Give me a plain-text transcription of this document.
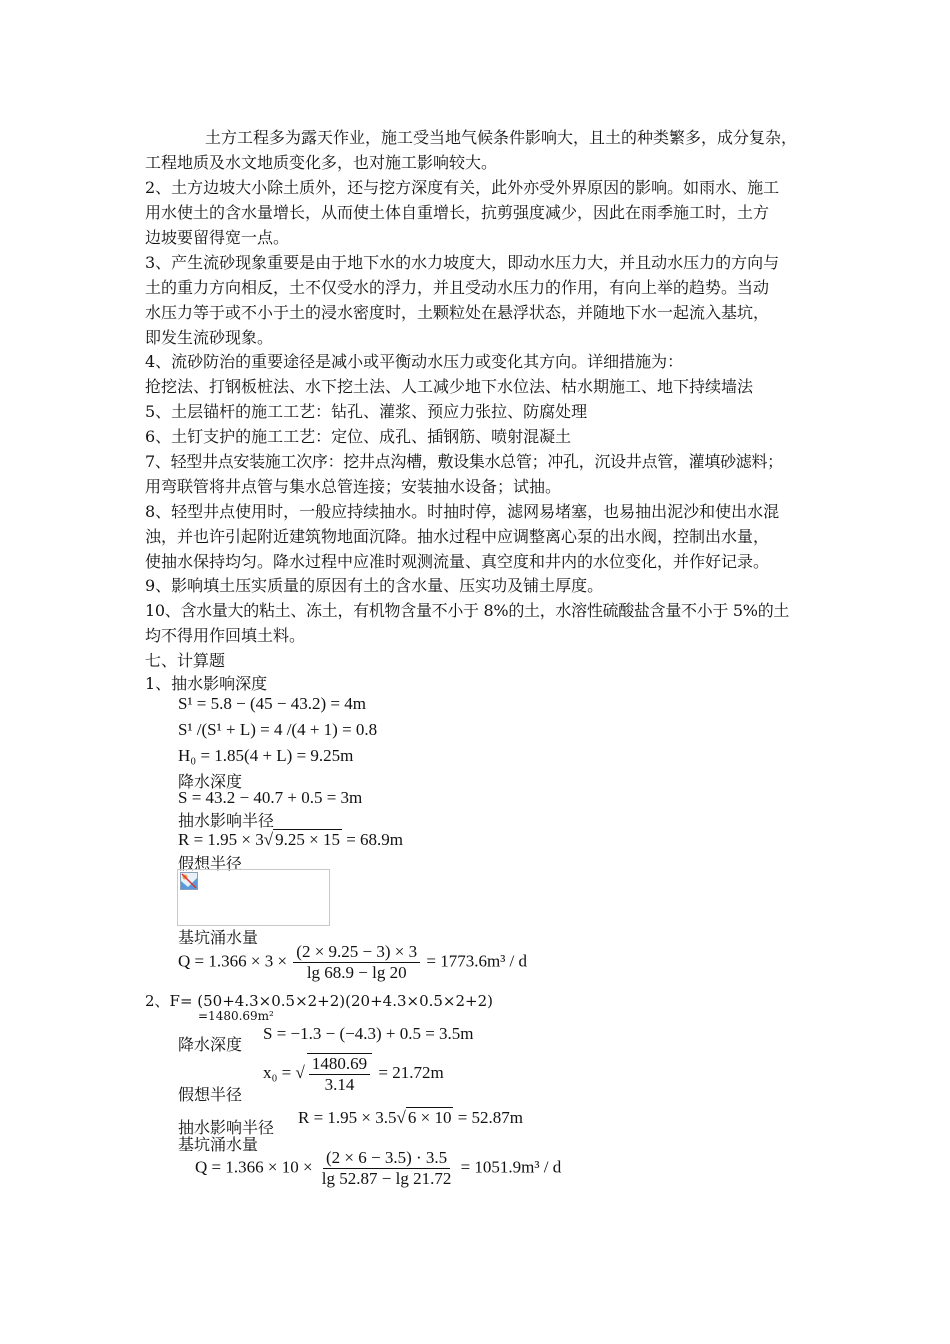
土方工程多为露天作业，施工受当地气候条件影响大，且土的种类繁多，成分复杂，

工程地质及水文地质变化多，也对施工影响较大。

2、土方边坡大小除土质外，还与挖方深度有关，此外亦受外界原因的影响。如雨水、施工

用水使土的含水量增长，从而使土体自重增长，抗剪强度减少，因此在雨季施工时，土方

边坡要留得宽一点。

3、产生流砂现象重要是由于地下水的水力坡度大，即动水压力大，并且动水压力的方向与

土的重力方向相反，土不仅受水的浮力，并且受动水压力的作用，有向上举的趋势。当动

水压力等于或不小于土的浸水密度时，土颗粒处在悬浮状态，并随地下水一起流入基坑，

即发生流砂现象。

4、流砂防治的重要途径是减小或平衡动水压力或变化其方向。详细措施为：

抢挖法、打钢板桩法、水下挖土法、人工减少地下水位法、枯水期施工、地下持续墙法

5、土层锚杆的施工工艺：钻孔、灌浆、预应力张拉、防腐处理

6、土钉支护的施工工艺：定位、成孔、插钢筋、喷射混凝土

7、轻型井点安装施工次序：挖井点沟槽，敷设集水总管；冲孔，沉设井点管，灌填砂滤料；

用弯联管将井点管与集水总管连接；安装抽水设备；试抽。

8、轻型井点使用时，一般应持续抽水。时抽时停，滤网易堵塞，也易抽出泥沙和使出水混

浊，并也许引起附近建筑物地面沉降。抽水过程中应调整离心泵的出水阀，控制出水量，

使抽水保持均匀。降水过程中应准时观测流量、真空度和井内的水位变化，并作好记录。

9、影响填土压实质量的原因有土的含水量、压实功及铺土厚度。

10、含水量大的粘土、冻土，有机物含量不小于 8%的土，水溶性硫酸盐含量不小于 5%的土

均不得用作回填土料。

七、计算题

1、抽水影响深度

S¹ = 5.8 − (45 − 43.2) = 4m
S¹ /(S¹ + L) = 4 /(4 + 1) = 0.8
H₀ = 1.85(4 + L) = 9.25m
降水深度
S = 43.2 − 40.7 + 0.5 = 3m
抽水影响半径
R = 1.95 × 3√ 9.25 × 15 = 68.9m
假想半径
基坑涌水量
$Q = 1.366 \times 3 \times \frac{(2 \times 9.25 - 3) \times 3}{\lg 68.9 - \lg 20} = 1773.6m^3 / d$
2、F= (50+4.3×0.5×2+2)(20+4.3×0.5×2+2)
=1480.69m²
降水深度
S = −1.3 − (−4.3) + 0.5 = 3.5m
x₀ = √ $\frac{1480.69}{3.14} = 21.72m$
假想半径
抽水影响半径
R = 1.95 × 3.5√ 6 × 10 = 52.87m
基坑涌水量
$Q = 1.366 \times 10 \times \frac{(2 \times 6 - 3.5) \cdot 3.5}{\lg 52.87 - \lg 21.72} = 1051.9m^3 / d$
